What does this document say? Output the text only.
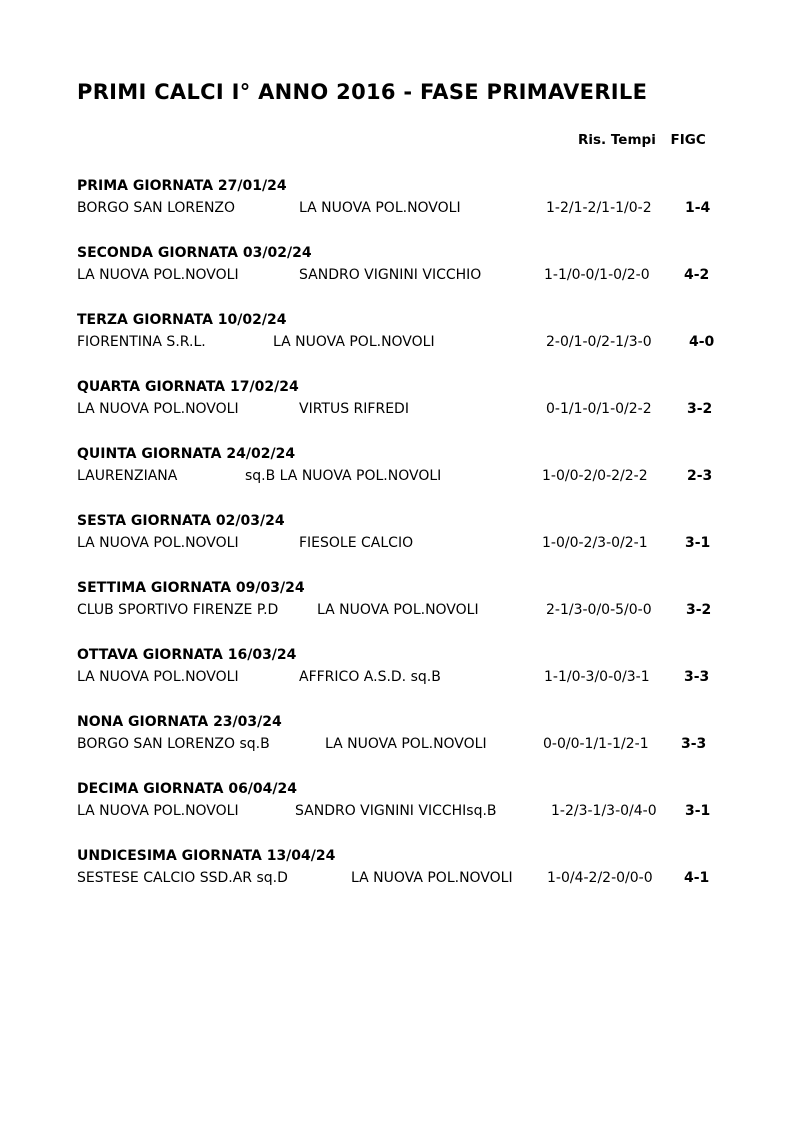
PRIMI CALCI I° ANNO 2016 - FASE PRIMAVERILE
Ris. Tempi FIGC
PRIMA GIORNATA 27/01/24
BORGO SAN LORENZO	LA NUOVA POL.NOVOLI	1-2/1-2/1-1/0-2 1-4
SECONDA GIORNATA 03/02/24
LA NUOVA POL.NOVOLI	SANDRO VIGNINI VICCHIO	1-1/0-0/1-0/2-0 4-2
TERZA GIORNATA 10/02/24
FIORENTINA S.R.L.	LA NUOVA POL.NOVOLI	2-0/1-0/2-1/3-0	4-0
QUARTA GIORNATA 17/02/24
LA NUOVA POL.NOVOLI	VIRTUS RIFREDI	0-1/1-0/1-0/2-2	3-2
QUINTA GIORNATA 24/02/24
LAURENZIANA	sq.B LA NUOVA POL.NOVOLI	1-0/0-2/0-2/2-2	2-3
SESTA GIORNATA 02/03/24
LA NUOVA POL.NOVOLI	FIESOLE CALCIO	1-0/0-2/3-0/2-1	3-1
SETTIMA GIORNATA 09/03/24
CLUB SPORTIVO FIRENZE P.D	LA NUOVA POL.NOVOLI	2-1/3-0/0-5/0-0 3-2
OTTAVA GIORNATA 16/03/24
LA NUOVA POL.NOVOLI	AFFRICO A.S.D. sq.B	1-1/0-3/0-0/3-1 3-3
NONA GIORNATA 23/03/24
BORGO SAN LORENZO sq.B	LA NUOVA POL.NOVOLI	0-0/0-1/1-1/2-1 3-3
DECIMA GIORNATA 06/04/24
LA NUOVA POL.NOVOLI	SANDRO VIGNINI VICCHIsq.B	1-2/3-1/3-0/4-0 3-1
UNDICESIMA GIORNATA 13/04/24
SESTESE CALCIO SSD.AR sq.D	LA NUOVA POL.NOVOLI 1-0/4-2/2-0/0-0 4-1
